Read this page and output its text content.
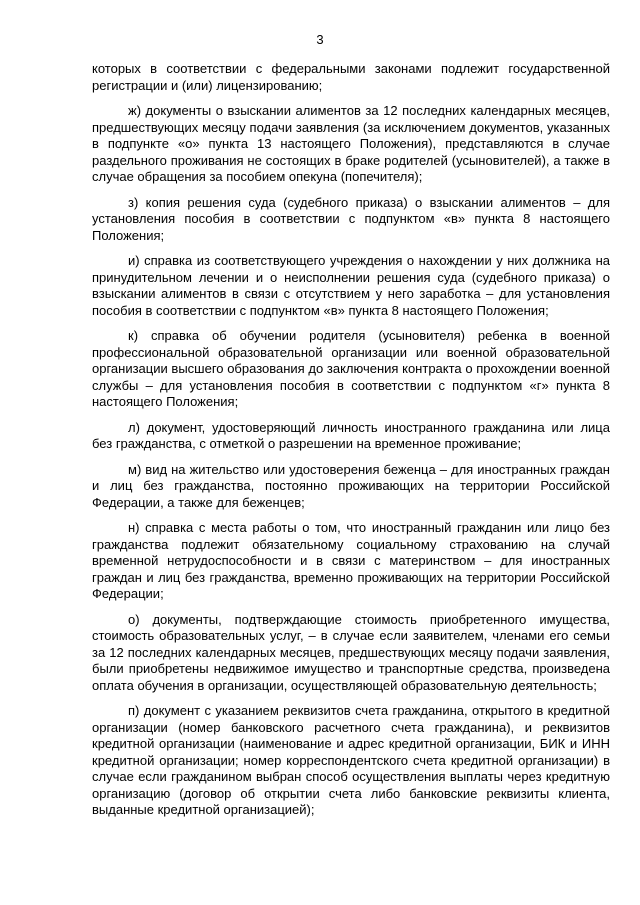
3

которых в соответствии с федеральными законами подлежит государственной регистрации и (или) лицензированию;

ж) документы о взыскании алиментов за 12 последних календарных месяцев, предшествующих месяцу подачи заявления (за исключением документов, указанных в подпункте «о» пункта 13 настоящего Положения), представляются в случае раздельного проживания не состоящих в браке родителей (усыновителей), а также в случае обращения за пособием опекуна (попечителя);

з) копия решения суда (судебного приказа) о взыскании алиментов – для установления пособия в соответствии с подпунктом «в» пункта 8 настоящего Положения;

и) справка из соответствующего учреждения о нахождении у них должника на принудительном лечении и о неисполнении решения суда (судебного приказа) о взыскании алиментов в связи с отсутствием у него заработка – для установления пособия в соответствии с подпунктом «в» пункта 8 настоящего Положения;

к) справка об обучении родителя (усыновителя) ребенка в военной профессиональной образовательной организации или военной образовательной организации высшего образования до заключения контракта о прохождении военной службы – для установления пособия в соответствии с подпунктом «г» пункта 8 настоящего Положения;

л) документ, удостоверяющий личность иностранного гражданина или лица без гражданства, с отметкой о разрешении на временное проживание;

м) вид на жительство или удостоверения беженца – для иностранных граждан и лиц без гражданства, постоянно проживающих на территории Российской Федерации, а также для беженцев;

н) справка с места работы о том, что иностранный гражданин или лицо без гражданства подлежит обязательному социальному страхованию на случай временной нетрудоспособности и в связи с материнством – для иностранных граждан и лиц без гражданства, временно проживающих на территории Российской Федерации;

о) документы, подтверждающие стоимость приобретенного имущества, стоимость образовательных услуг, – в случае если заявителем, членами его семьи за 12 последних календарных месяцев, предшествующих месяцу подачи заявления, были приобретены недвижимое имущество и транспортные средства, произведена оплата обучения в организации, осуществляющей образовательную деятельность;

п) документ с указанием реквизитов счета гражданина, открытого в кредитной организации (номер банковского расчетного счета гражданина), и реквизитов кредитной организации (наименование и адрес кредитной организации, БИК и ИНН кредитной организации; номер корреспондентского счета кредитной организации) в случае если гражданином выбран способ осуществления выплаты через кредитную организацию (договор об открытии счета либо банковские реквизиты клиента, выданные кредитной организацией);
